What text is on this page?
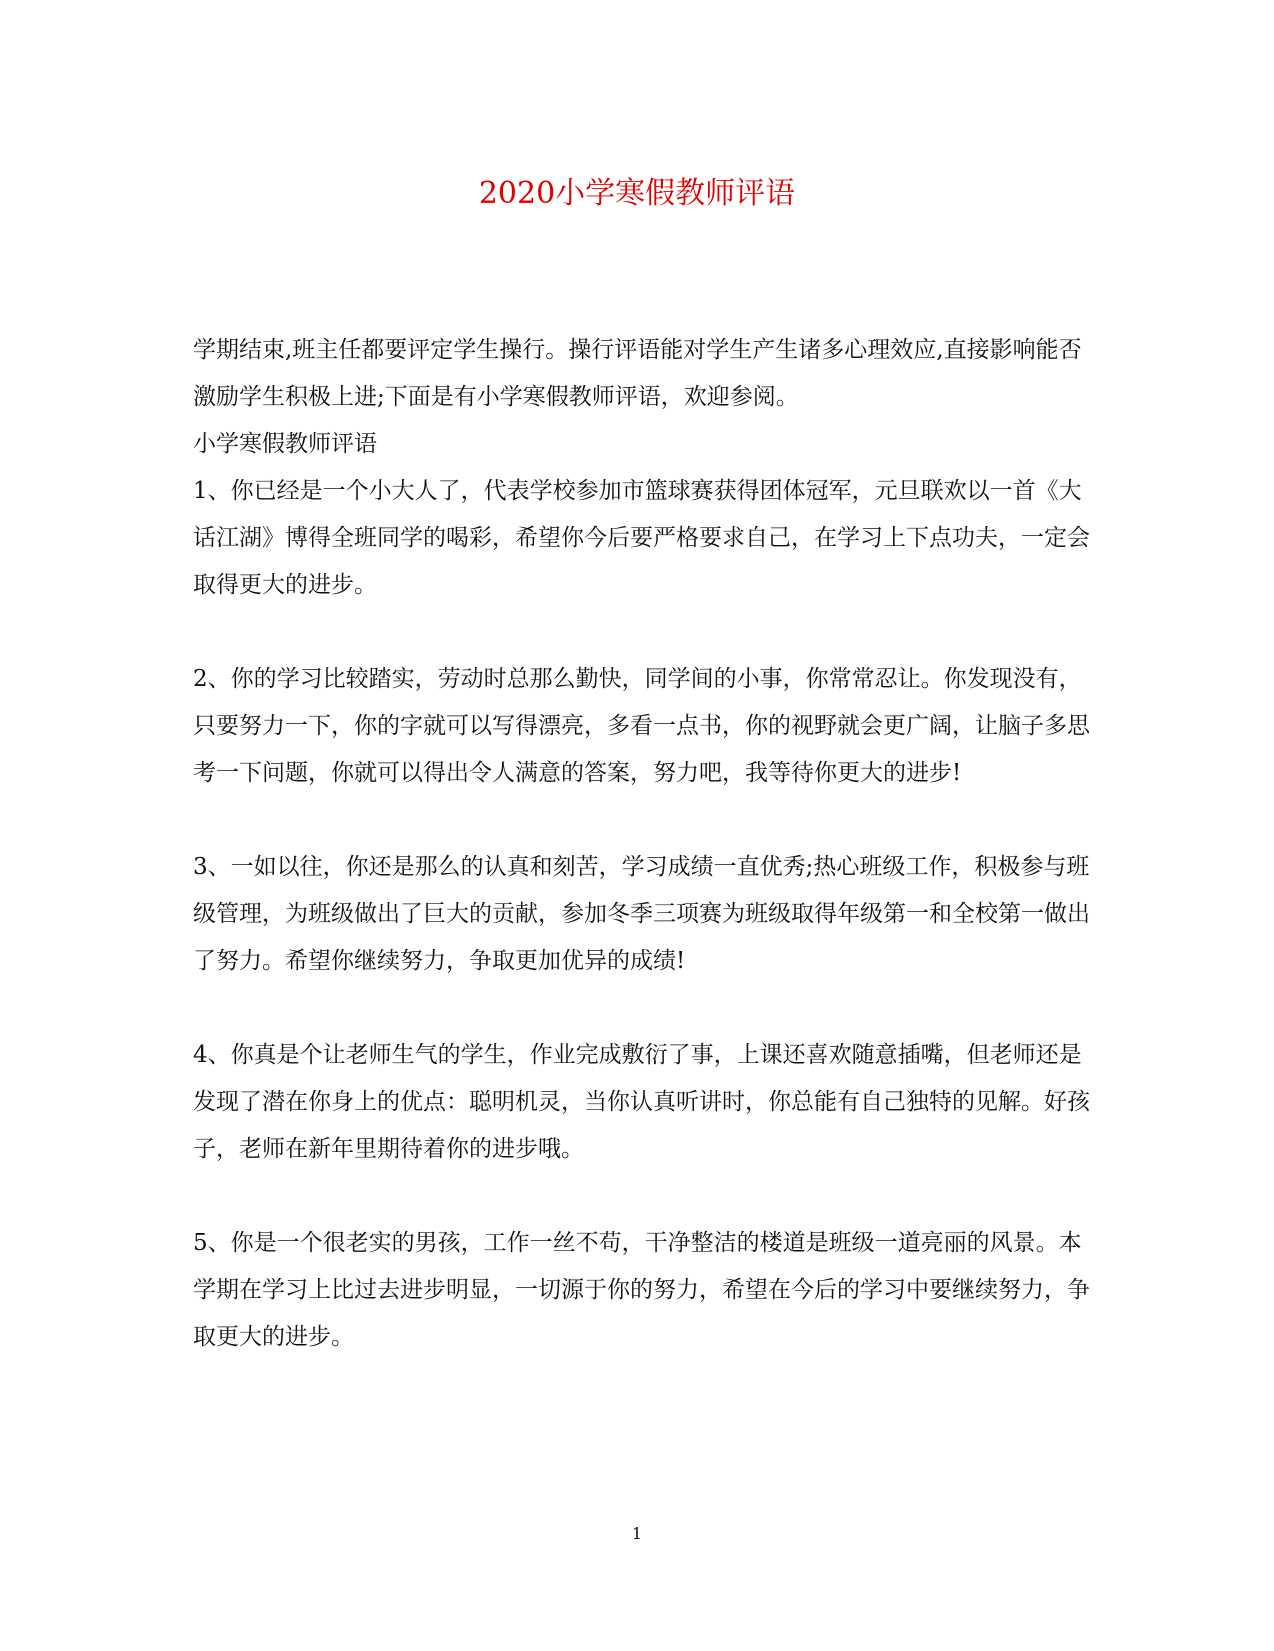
2020小学寒假教师评语

学期结束,班主任都要评定学生操行。操行评语能对学生产生诸多心理效应,直接影响能否激励学生积极上进;下面是有小学寒假教师评语，欢迎参阅。

小学寒假教师评语

1、你已经是一个小大人了，代表学校参加市篮球赛获得团体冠军，元旦联欢以一首《大话江湖》博得全班同学的喝彩，希望你今后要严格要求自己，在学习上下点功夫，一定会取得更大的进步。

2、你的学习比较踏实，劳动时总那么勤快，同学间的小事，你常常忍让。你发现没有，只要努力一下，你的字就可以写得漂亮，多看一点书，你的视野就会更广阔，让脑子多思考一下问题，你就可以得出令人满意的答案，努力吧，我等待你更大的进步!

3、一如以往，你还是那么的认真和刻苦，学习成绩一直优秀;热心班级工作，积极参与班级管理，为班级做出了巨大的贡献，参加冬季三项赛为班级取得年级第一和全校第一做出了努力。希望你继续努力，争取更加优异的成绩!

4、你真是个让老师生气的学生，作业完成敷衍了事，上课还喜欢随意插嘴，但老师还是发现了潜在你身上的优点：聪明机灵，当你认真听讲时，你总能有自己独特的见解。好孩子，老师在新年里期待着你的进步哦。

5、你是一个很老实的男孩，工作一丝不苟，干净整洁的楼道是班级一道亮丽的风景。本学期在学习上比过去进步明显，一切源于你的努力，希望在今后的学习中要继续努力，争取更大的进步。

1
